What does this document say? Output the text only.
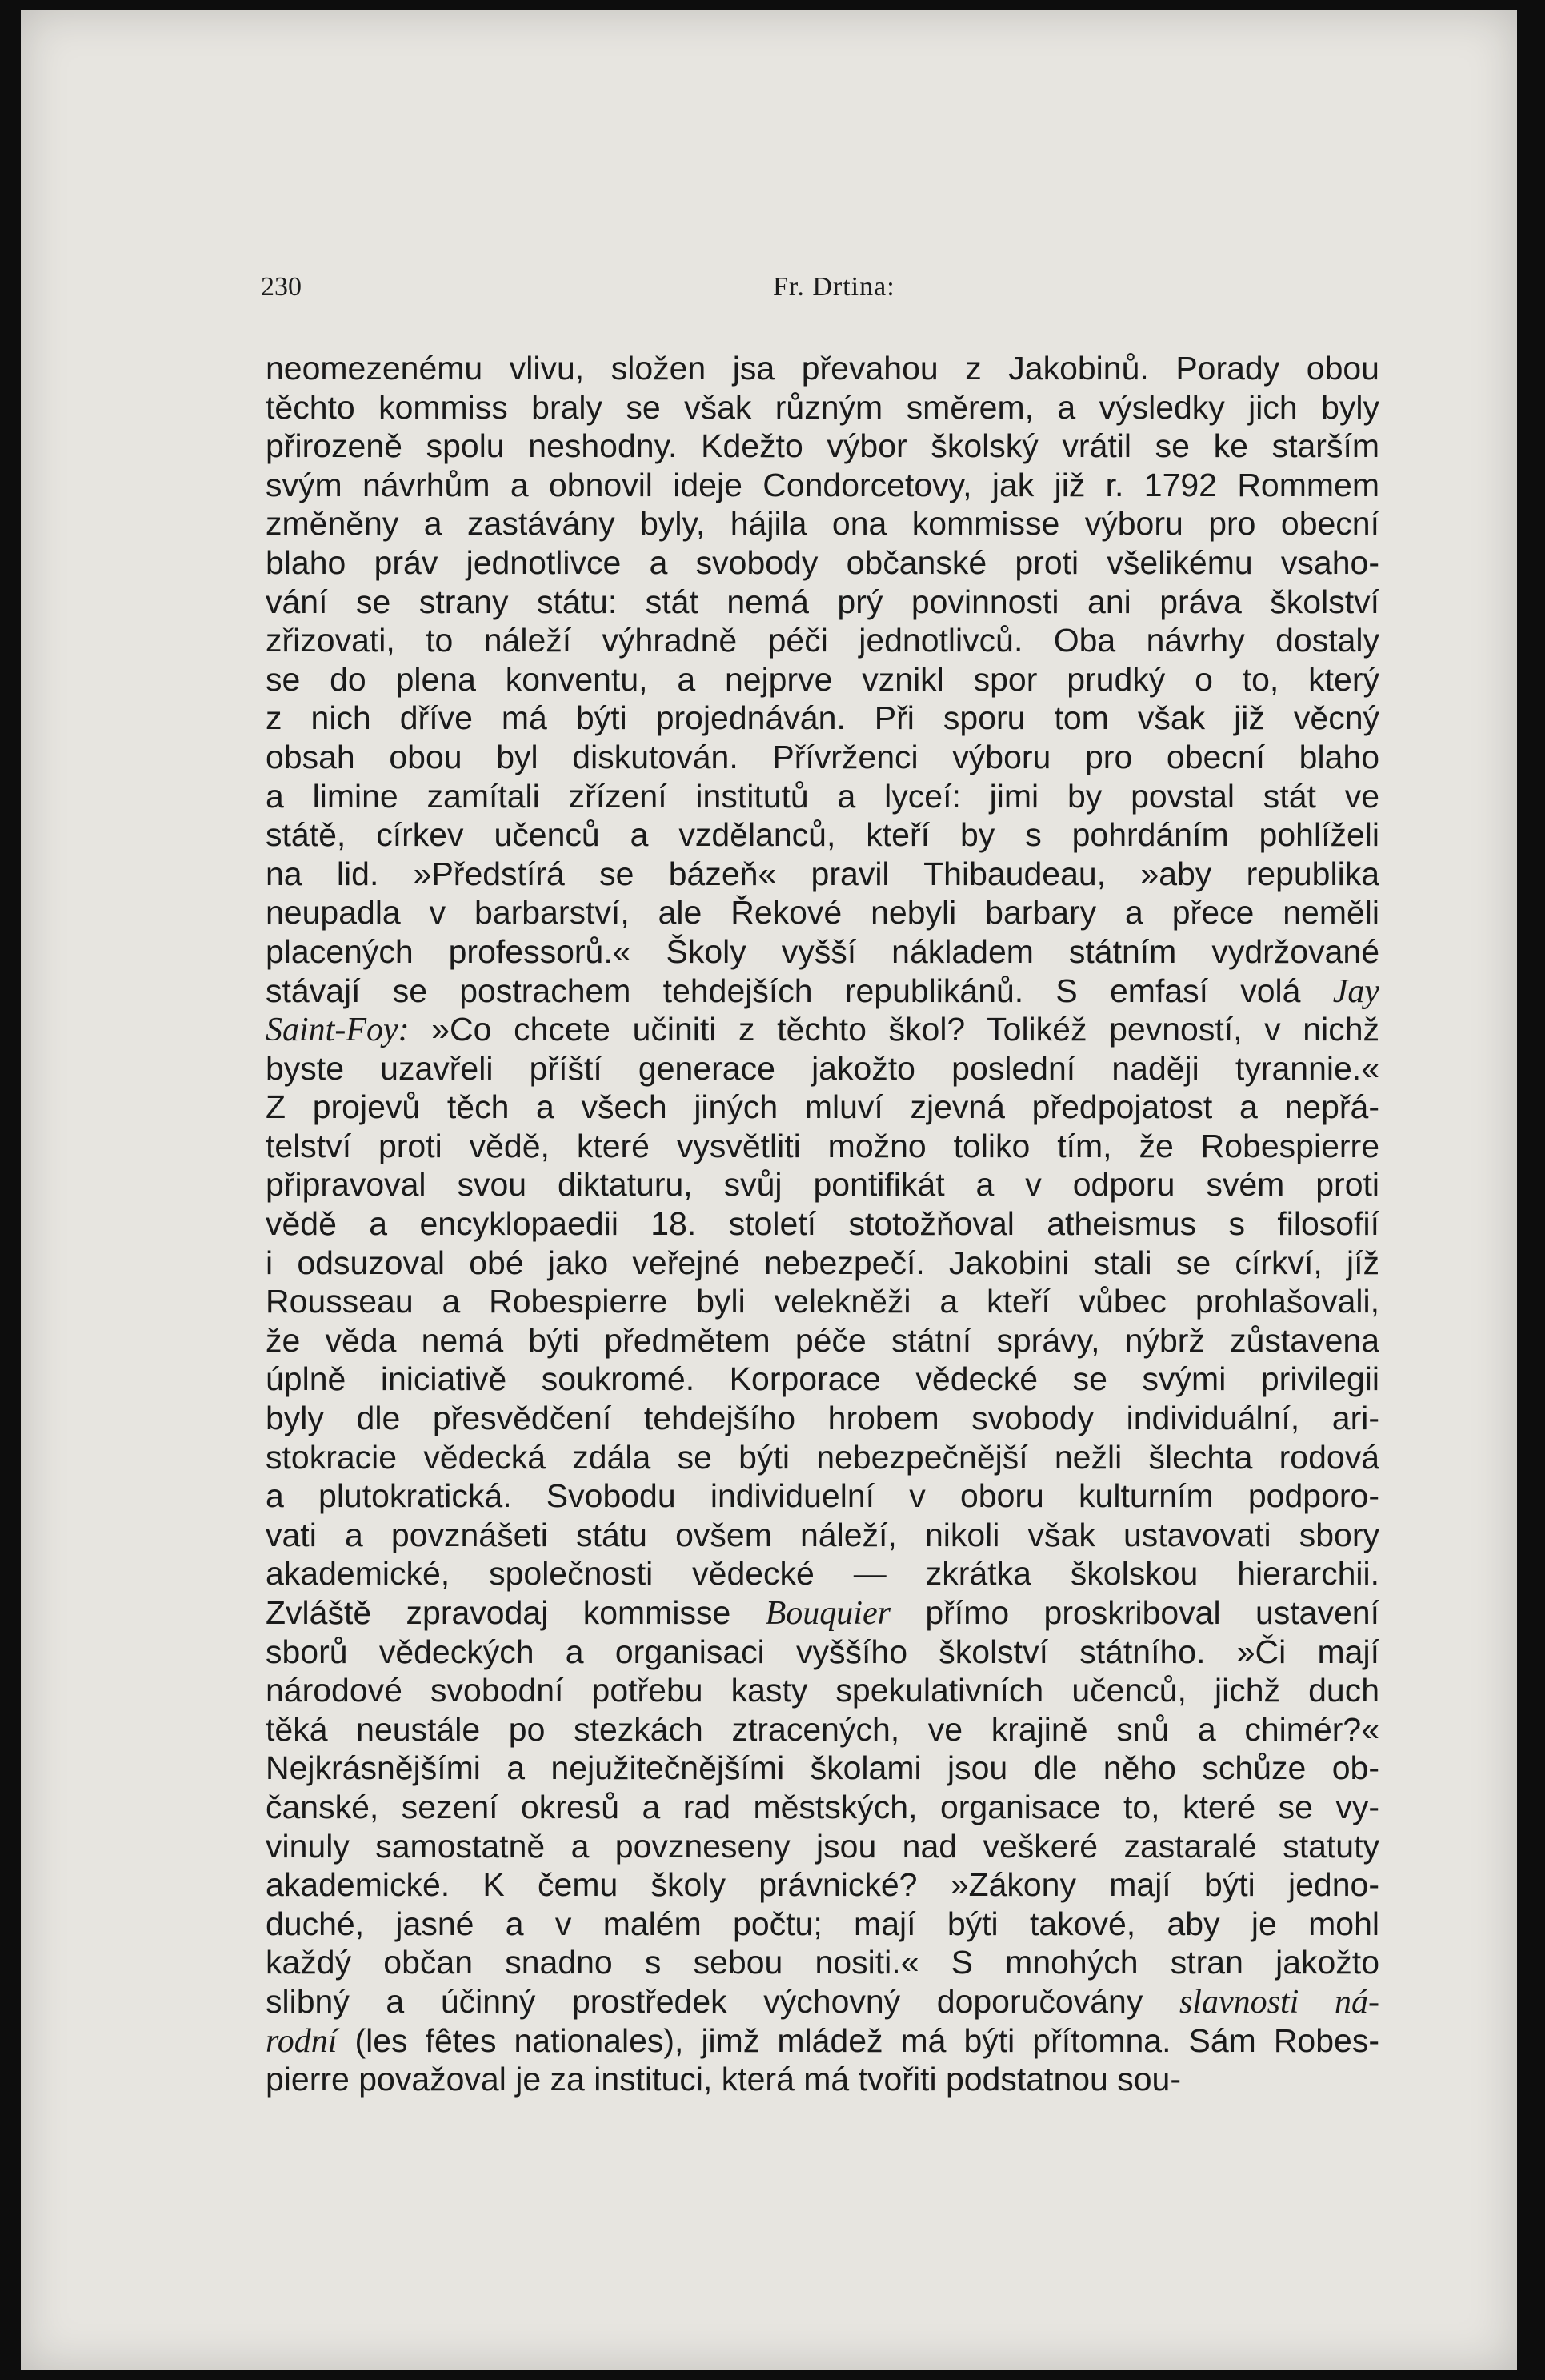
230	Fr. Drtina:
neomezenému vlivu, složen jsa převahou z Jakobinů. Porady obou
těchto kommiss braly se však různým směrem, a výsledky jich byly
přirozeně spolu neshodny. Kdežto výbor školský vrátil se ke starším
svým návrhům a obnovil ideje Condorcetovy, jak již r. 1792 Rommem
změněny a zastávány byly, hájila ona kommisse výboru pro obecní
blaho práv jednotlivce a svobody občanské proti všelikému vsaho-
vání se strany státu: stát nemá prý povinnosti ani práva školství
zřizovati, to náleží výhradně péči jednotlivců. Oba návrhy dostaly
se do plena konventu, a nejprve vznikl spor prudký o to, který
z nich dříve má býti projednáván. Při sporu tom však již věcný
obsah obou byl diskutován. Přívrženci výboru pro obecní blaho
a limine zamítali zřízení institutů a lyceí: jimi by povstal stát ve
státě, církev učenců a vzdělanců, kteří by s pohrdáním pohlíželi
na lid. »Předstírá se bázeň« pravil Thibaudeau, »aby republika
neupadla v barbarství, ale Řekové nebyli barbary a přece neměli
placených professorů.« Školy vyšší nákladem státním vydržované
stávají se postrachem tehdejších republikánů. S emfasí volá Jay
Saint-Foy: »Co chcete učiniti z těchto škol? Tolikéž pevností, v nichž
byste uzavřeli příští generace jakožto poslední naději tyrannie.«
Z projevů těch a všech jiných mluví zjevná předpojatost a nepřá-
telství proti vědě, které vysvětliti možno toliko tím, že Robespierre
připravoval svou diktaturu, svůj pontifikát a v odporu svém proti
vědě a encyklopaedii 18. století stotožňoval atheismus s filosofií
i odsuzoval obé jako veřejné nebezpečí. Jakobini stali se církví, jíž
Rousseau a Robespierre byli velekněži a kteří vůbec prohlašovali,
že věda nemá býti předmětem péče státní správy, nýbrž zůstavena
úplně iniciativě soukromé. Korporace vědecké se svými privilegii
byly dle přesvědčení tehdejšího hrobem svobody individuální, ari-
stokracie vědecká zdála se býti nebezpečnější nežli šlechta rodová
a plutokratická. Svobodu individuelní v oboru kulturním podporo-
vati a povznášeti státu ovšem náleží, nikoli však ustavovati sbory
akademické, společnosti vědecké — zkrátka školskou hierarchii.
Zvláště zpravodaj kommisse Bouquier přímo proskriboval ustavení
sborů vědeckých a organisaci vyššího školství státního. »Či mají
národové svobodní potřebu kasty spekulativních učenců, jichž duch
těká neustále po stezkách ztracených, ve krajině snů a chimér?«
Nejkrásnějšími a nejužitečnějšími školami jsou dle něho schůze ob-
čanské, sezení okresů a rad městských, organisace to, které se vy-
vinuly samostatně a povzneseny jsou nad veškeré zastaralé statuty
akademické. K čemu školy právnické? »Zákony mají býti jedno-
duché, jasné a v malém počtu; mají býti takové, aby je mohl
každý občan snadno s sebou nositi.« S mnohých stran jakožto
slibný a účinný prostředek výchovný doporučovány slavnosti ná-
rodní (les fêtes nationales), jimž mládež má býti přítomna. Sám Robes-
pierre považoval je za instituci, která má tvořiti podstatnou sou-
